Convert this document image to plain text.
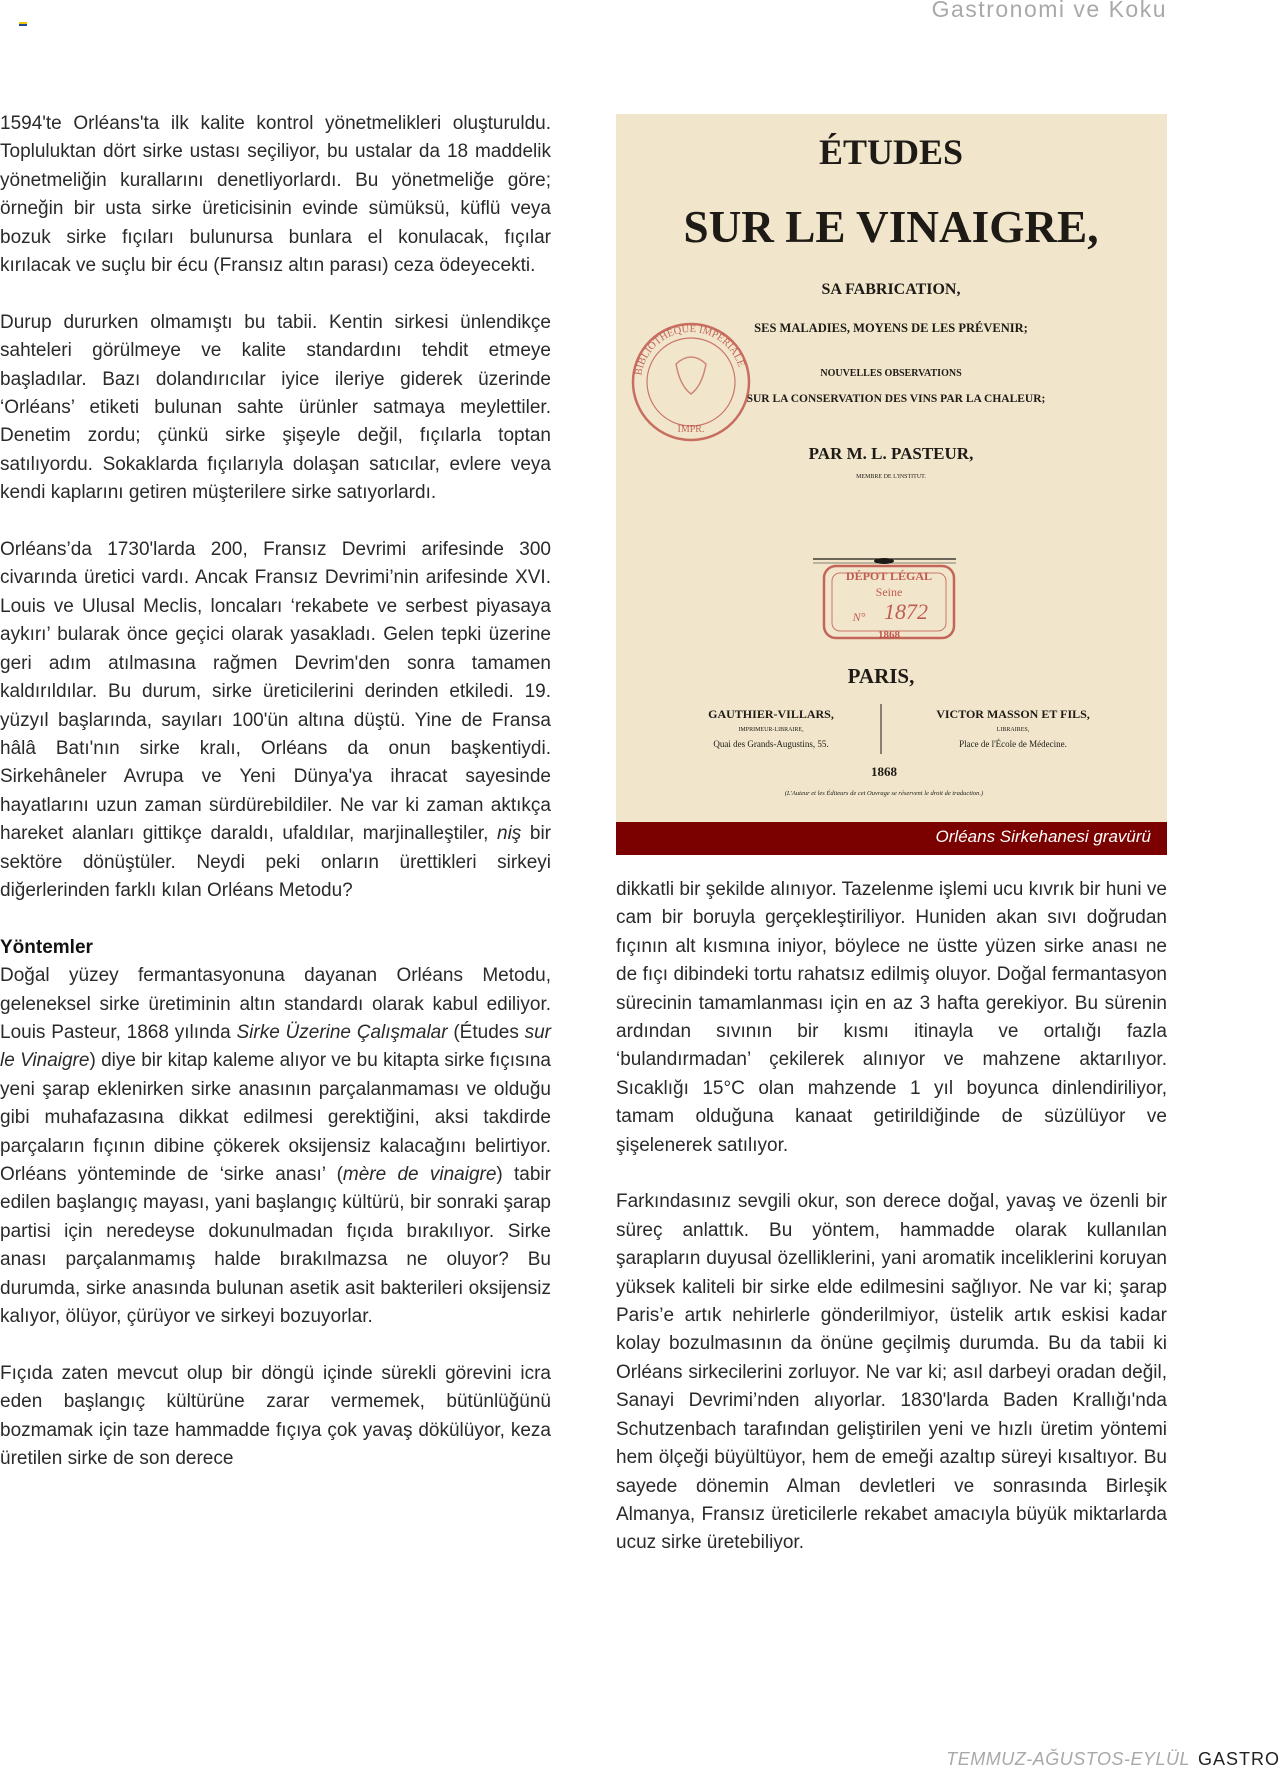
Gastronomi ve Koku

1594'te Orléans'ta ilk kalite kontrol yönetmelikleri oluşturuldu. Topluluktan dört sirke ustası seçiliyor, bu ustalar da 18 maddelik yönetmeliğin kurallarını denetliyorlardı. Bu yönetmeliğe göre; örneğin bir usta sirke üreticisinin evinde sümüksü, küflü veya bozuk sirke fıçıları bulunursa bunlara el konulacak, fıçılar kırılacak ve suçlu bir écu (Fransız altın parası) ceza ödeyecekti.

Durup dururken olmamıştı bu tabii. Kentin sirkesi ünlendikçe sahteleri görülmeye ve kalite standardını tehdit etmeye başladılar. Bazı dolandırıcılar iyice ileriye giderek üzerinde ‘Orléans’ etiketi bulunan sahte ürünler satmaya meylettiler. Denetim zordu; çünkü sirke şişeyle değil, fıçılarla toptan satılıyordu. Sokaklarda fıçılarıyla dolaşan satıcılar, evlere veya kendi kaplarını getiren müşterilere sirke satıyorlardı.

Orléans’da 1730'larda 200, Fransız Devrimi arifesinde 300 civarında üretici vardı. Ancak Fransız Devrimi’nin arifesinde XVI. Louis ve Ulusal Meclis, loncaları ‘rekabete ve serbest piyasaya aykırı’ bularak önce geçici olarak yasakladı. Gelen tepki üzerine geri adım atılmasına rağmen Devrim'den sonra tamamen kaldırıldılar. Bu durum, sirke üreticilerini derinden etkiledi. 19. yüzyıl başlarında, sayıları 100'ün altına düştü. Yine de Fransa hâlâ Batı'nın sirke kralı, Orléans da onun başkentiydi. Sirkehâneler Avrupa ve Yeni Dünya'ya ihracat sayesinde hayatlarını uzun zaman sürdürebildiler. Ne var ki zaman aktıkça hareket alanları gittikçe daraldı, ufaldılar, marjinalleştiler, niş bir sektöre dönüştüler. Neydi peki onların ürettikleri sirkeyi diğerlerinden farklı kılan Orléans Metodu?

Yöntemler

Doğal yüzey fermantasyonuna dayanan Orléans Metodu, geleneksel sirke üretiminin altın standardı olarak kabul ediliyor. Louis Pasteur, 1868 yılında Sirke Üzerine Çalışmalar (Études sur le Vinaigre) diye bir kitap kaleme alıyor ve bu kitapta sirke fıçısına yeni şarap eklenirken sirke anasının parçalanmaması ve olduğu gibi muhafazasına dikkat edilmesi gerektiğini, aksi takdirde parçaların fıçının dibine çökerek oksijensiz kalacağını belirtiyor. Orléans yönteminde de ‘sirke anası’ (mère de vinaigre) tabir edilen başlangıç mayası, yani başlangıç kültürü, bir sonraki şarap partisi için neredeyse dokunulmadan fıçıda bırakılıyor. Sirke anası parçalanmamış halde bırakılmazsa ne oluyor? Bu durumda, sirke anasında bulunan asetik asit bakterileri oksijensiz kalıyor, ölüyor, çürüyor ve sirkeyi bozuyorlar.

Fıçıda zaten mevcut olup bir döngü içinde sürekli görevini icra eden başlangıç kültürüne zarar vermemek, bütünlüğünü bozmamak için taze hammadde fıçıya çok yavaş dökülüyor, keza üretilen sirke de son derece

ÉTUDES
SUR LE VINAIGRE,
SA FABRICATION,
SES MALADIES, MOYENS DE LES PRÉVENIR;
NOUVELLES OBSERVATIONS
SUR LA CONSERVATION DES VINS PAR LA CHALEUR;
PAR M. L. PASTEUR,
MEMBRE DE L'INSTITUT.
PARIS,
GAUTHIER-VILLARS,
IMPRIMEUR-LIBRAIRE,
Quai des Grands-Augustins, 55.
VICTOR MASSON ET FILS,
LIBRAIRES,
Place de l'École de Médecine.
1868
(L'Auteur et les Éditeurs de cet Ouvrage se réservent le droit de traduction.)
BIBLIOTHÈQUE IMPÉRIALE
IMPR.
DÉPOT LÉGAL
Seine
N° 1872
1868
Orléans Sirkehanesi gravürü

dikkatli bir şekilde alınıyor. Tazelenme işlemi ucu kıvrık bir huni ve cam bir boruyla gerçekleştiriliyor. Huniden akan sıvı doğrudan fıçının alt kısmına iniyor, böylece ne üstte yüzen sirke anası ne de fıçı dibindeki tortu rahatsız edilmiş oluyor. Doğal fermantasyon sürecinin tamamlanması için en az 3 hafta gerekiyor. Bu sürenin ardından sıvının bir kısmı itinayla ve ortalığı fazla ‘bulandırmadan’ çekilerek alınıyor ve mahzene aktarılıyor. Sıcaklığı 15°C olan mahzende 1 yıl boyunca dinlendiriliyor, tamam olduğuna kanaat getirildiğinde de süzülüyor ve şişelenerek satılıyor.

Farkındasınız sevgili okur, son derece doğal, yavaş ve özenli bir süreç anlattık. Bu yöntem, hammadde olarak kullanılan şarapların duyusal özelliklerini, yani aromatik inceliklerini koruyan yüksek kaliteli bir sirke elde edilmesini sağlıyor. Ne var ki; şarap Paris’e artık nehirlerle gönderilmiyor, üstelik artık eskisi kadar kolay bozulmasının da önüne geçilmiş durumda. Bu da tabii ki Orléans sirkecilerini zorluyor. Ne var ki; asıl darbeyi oradan değil, Sanayi Devrimi’nden alıyorlar. 1830'larda Baden Krallığı'nda Schutzenbach tarafından geliştirilen yeni ve hızlı üretim yöntemi hem ölçeği büyültüyor, hem de emeği azaltıp süreyi kısaltıyor. Bu sayede dönemin Alman devletleri ve sonrasında Birleşik Almanya, Fransız üreticilerle rekabet amacıyla büyük miktarlarda ucuz sirke üretebiliyor.

TEMMUZ-AĞUSTOS-EYLÜL GASTRO
